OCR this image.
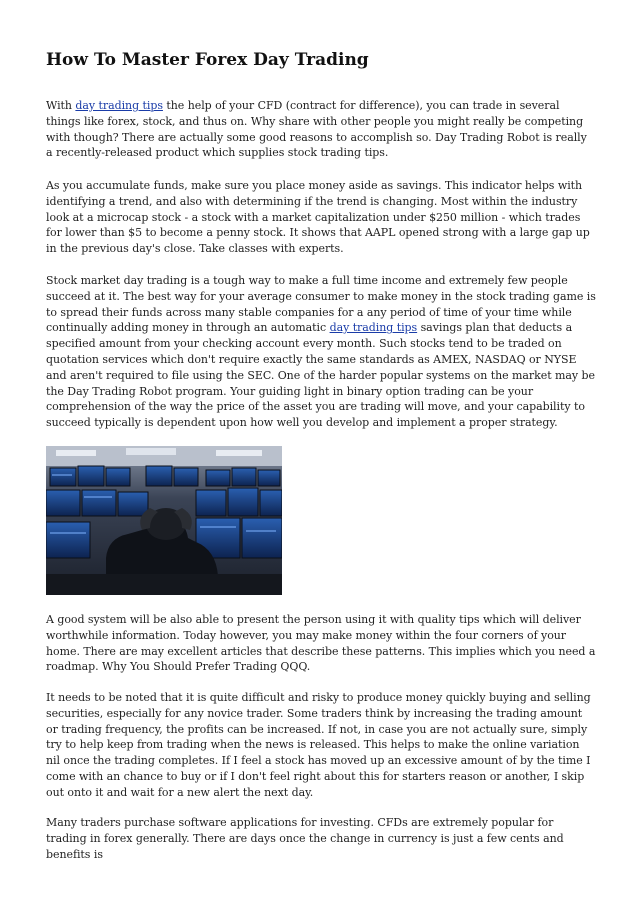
How To Master Forex Day Trading

With day trading tips the help of your CFD (contract for difference), you can trade in several things like forex, stock, and thus on. Why share with other people you might really be competing with though? There are actually some good reasons to accomplish so. Day Trading Robot is really a recently-released product which supplies stock trading tips.

As you accumulate funds, make sure you place money aside as savings. This indicator helps with identifying a trend, and also with determining if the trend is changing. Most within the industry look at a microcap stock - a stock with a market capitalization under $250 million - which trades for lower than $5 to become a penny stock. It shows that AAPL opened strong with a large gap up in the previous day's close. Take classes with experts.

Stock market day trading is a tough way to make a full time income and extremely few people succeed at it. The best way for your average consumer to make money in the stock trading game is to spread their funds across many stable companies for a any period of time of your time while continually adding money in through an automatic day trading tips savings plan that deducts a specified amount from your checking account every month. Such stocks tend to be traded on quotation services which don't require exactly the same standards as AMEX, NASDAQ or NYSE and aren't required to file using the SEC. One of the harder popular systems on the market may be the Day Trading Robot program. Your guiding light in binary option trading can be your comprehension of the way the price of the asset you are trading will move, and your capability to succeed typically is dependent upon how well you develop and implement a proper strategy.

A good system will be also able to present the person using it with quality tips which will deliver worthwhile information. Today however, you may make money within the four corners of your home. There are may excellent articles that describe these patterns. This implies which you need a roadmap. Why You Should Prefer Trading QQQ.

It needs to be noted that it is quite difficult and risky to produce money quickly buying and selling securities, especially for any novice trader. Some traders think by increasing the trading amount or trading frequency, the profits can be increased. If not, in case you are not actually sure, simply try to help keep from trading when the news is released. This helps to make the online variation nil once the trading completes. If I feel a stock has moved up an excessive amount of by the time I come with an chance to buy or if I don't feel right about this for starters reason or another, I skip out onto it and wait for a new alert the next day.

Many traders purchase software applications for investing. CFDs are extremely popular for trading in forex generally. There are days once the change in currency is just a few cents and benefits is
